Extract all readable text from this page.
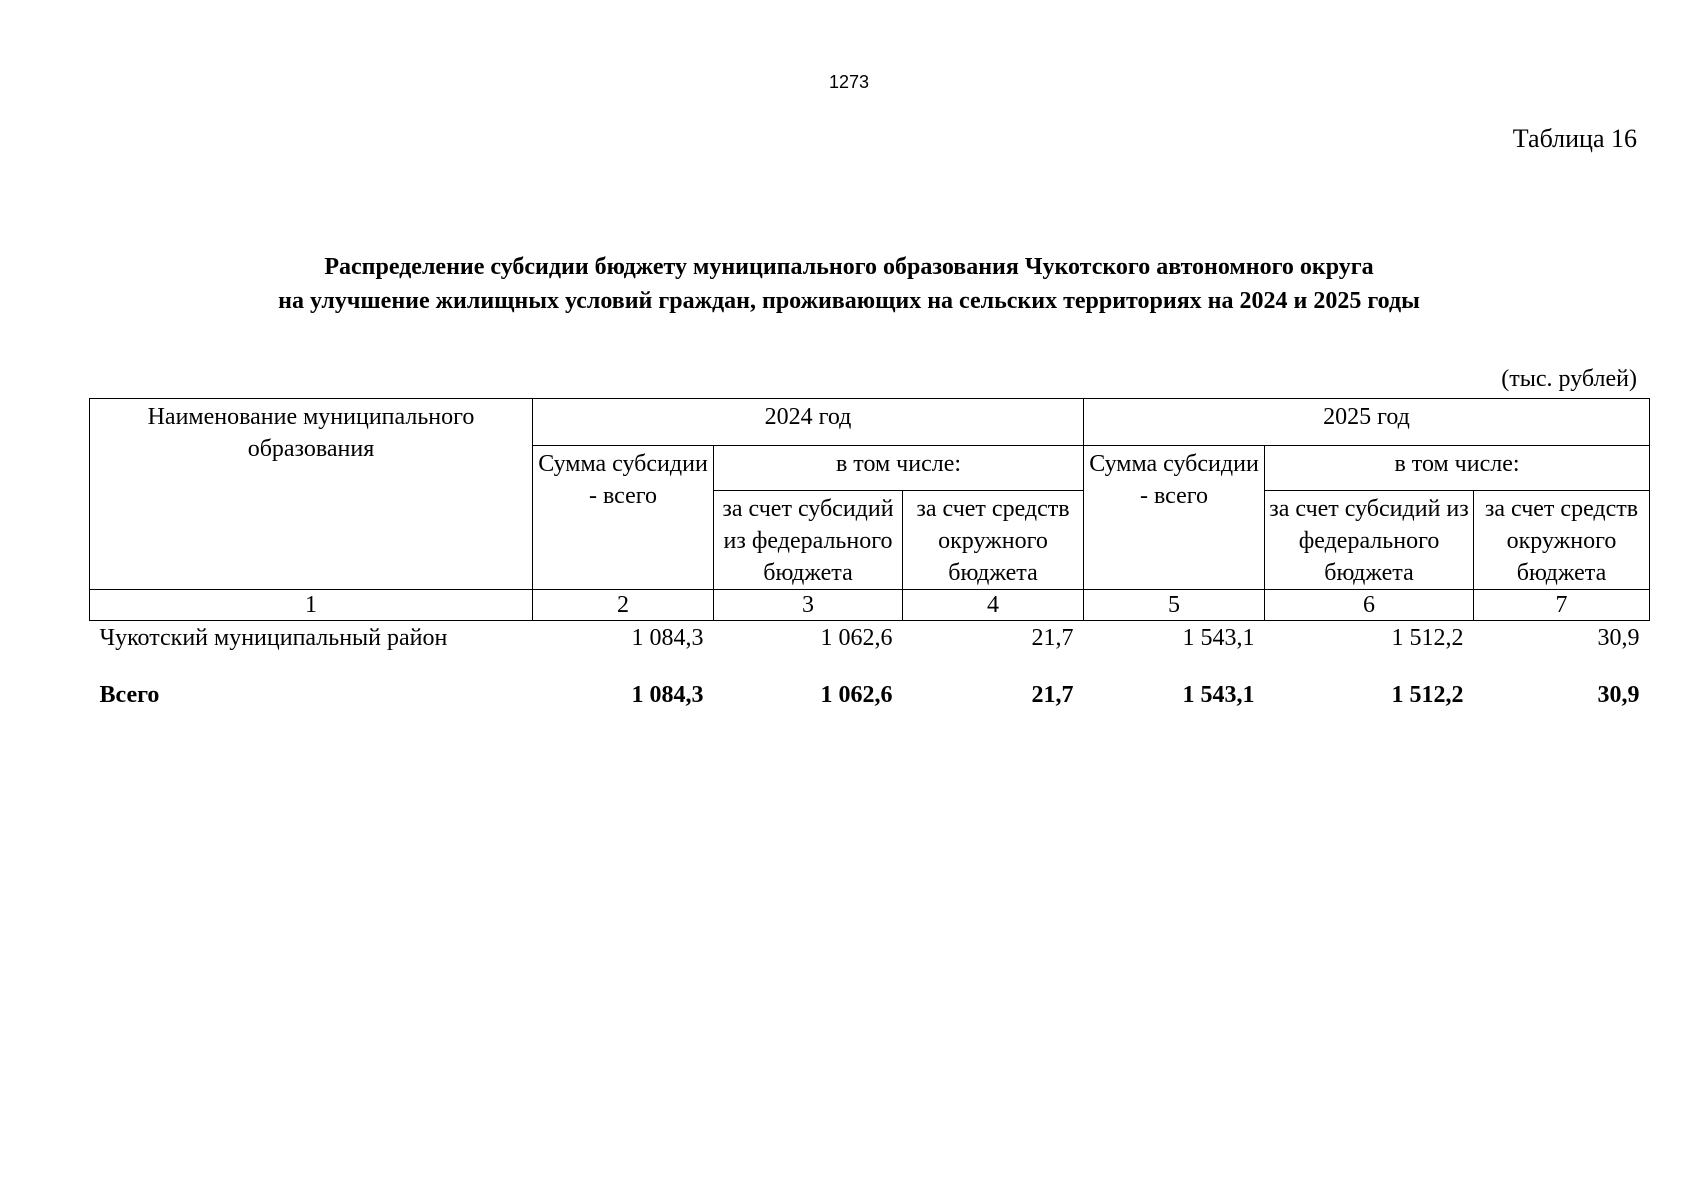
1273
Таблица 16
Распределение субсидии бюджету муниципального образования Чукотского автономного округа
на улучшение жилищных условий граждан, проживающих на сельских территориях на 2024 и 2025 годы
(тыс. рублей)
Наименование муниципального образования	2024 год			2025 год		
	Сумма субсидии - всего	в том числе:		Сумма субсидии - всего	в том числе:	
		за счет субсидий из федерального бюджета	за счет средств окружного бюджета		за счет субсидий из федерального бюджета	за счет средств окружного бюджета
1	2	3	4	5	6	7
Чукотский муниципальный район	1 084,3	1 062,6	21,7	1 543,1	1 512,2	30,9
Всего	1 084,3	1 062,6	21,7	1 543,1	1 512,2	30,9
